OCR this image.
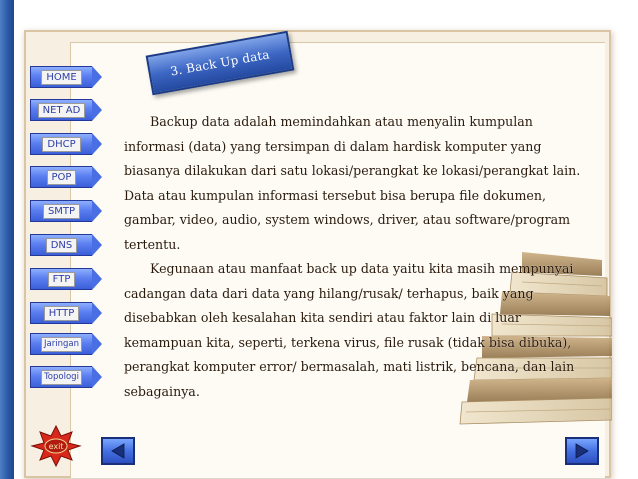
3. Back Up data
HOME
NET AD
DHCP
POP
SMTP
DNS
FTP
HTTP
Jaringan
Topologi
exit

Backup data adalah memindahkan atau menyalin kumpulan informasi (data) yang tersimpan di dalam hardisk komputer yang biasanya dilakukan dari satu lokasi/perangkat ke lokasi/perangkat lain. Data atau kumpulan informasi tersebut bisa berupa file dokumen, gambar, video, audio, system windows, driver, atau software/program tertentu.

Kegunaan atau manfaat back up data yaitu kita masih mempunyai cadangan data dari data yang hilang/rusak/ terhapus, baik yang disebabkan oleh kesalahan kita sendiri atau faktor lain di luar kemampuan kita, seperti, terkena virus, file rusak (tidak bisa dibuka), perangkat komputer error/ bermasalah, mati listrik, bencana, dan lain sebagainya.
